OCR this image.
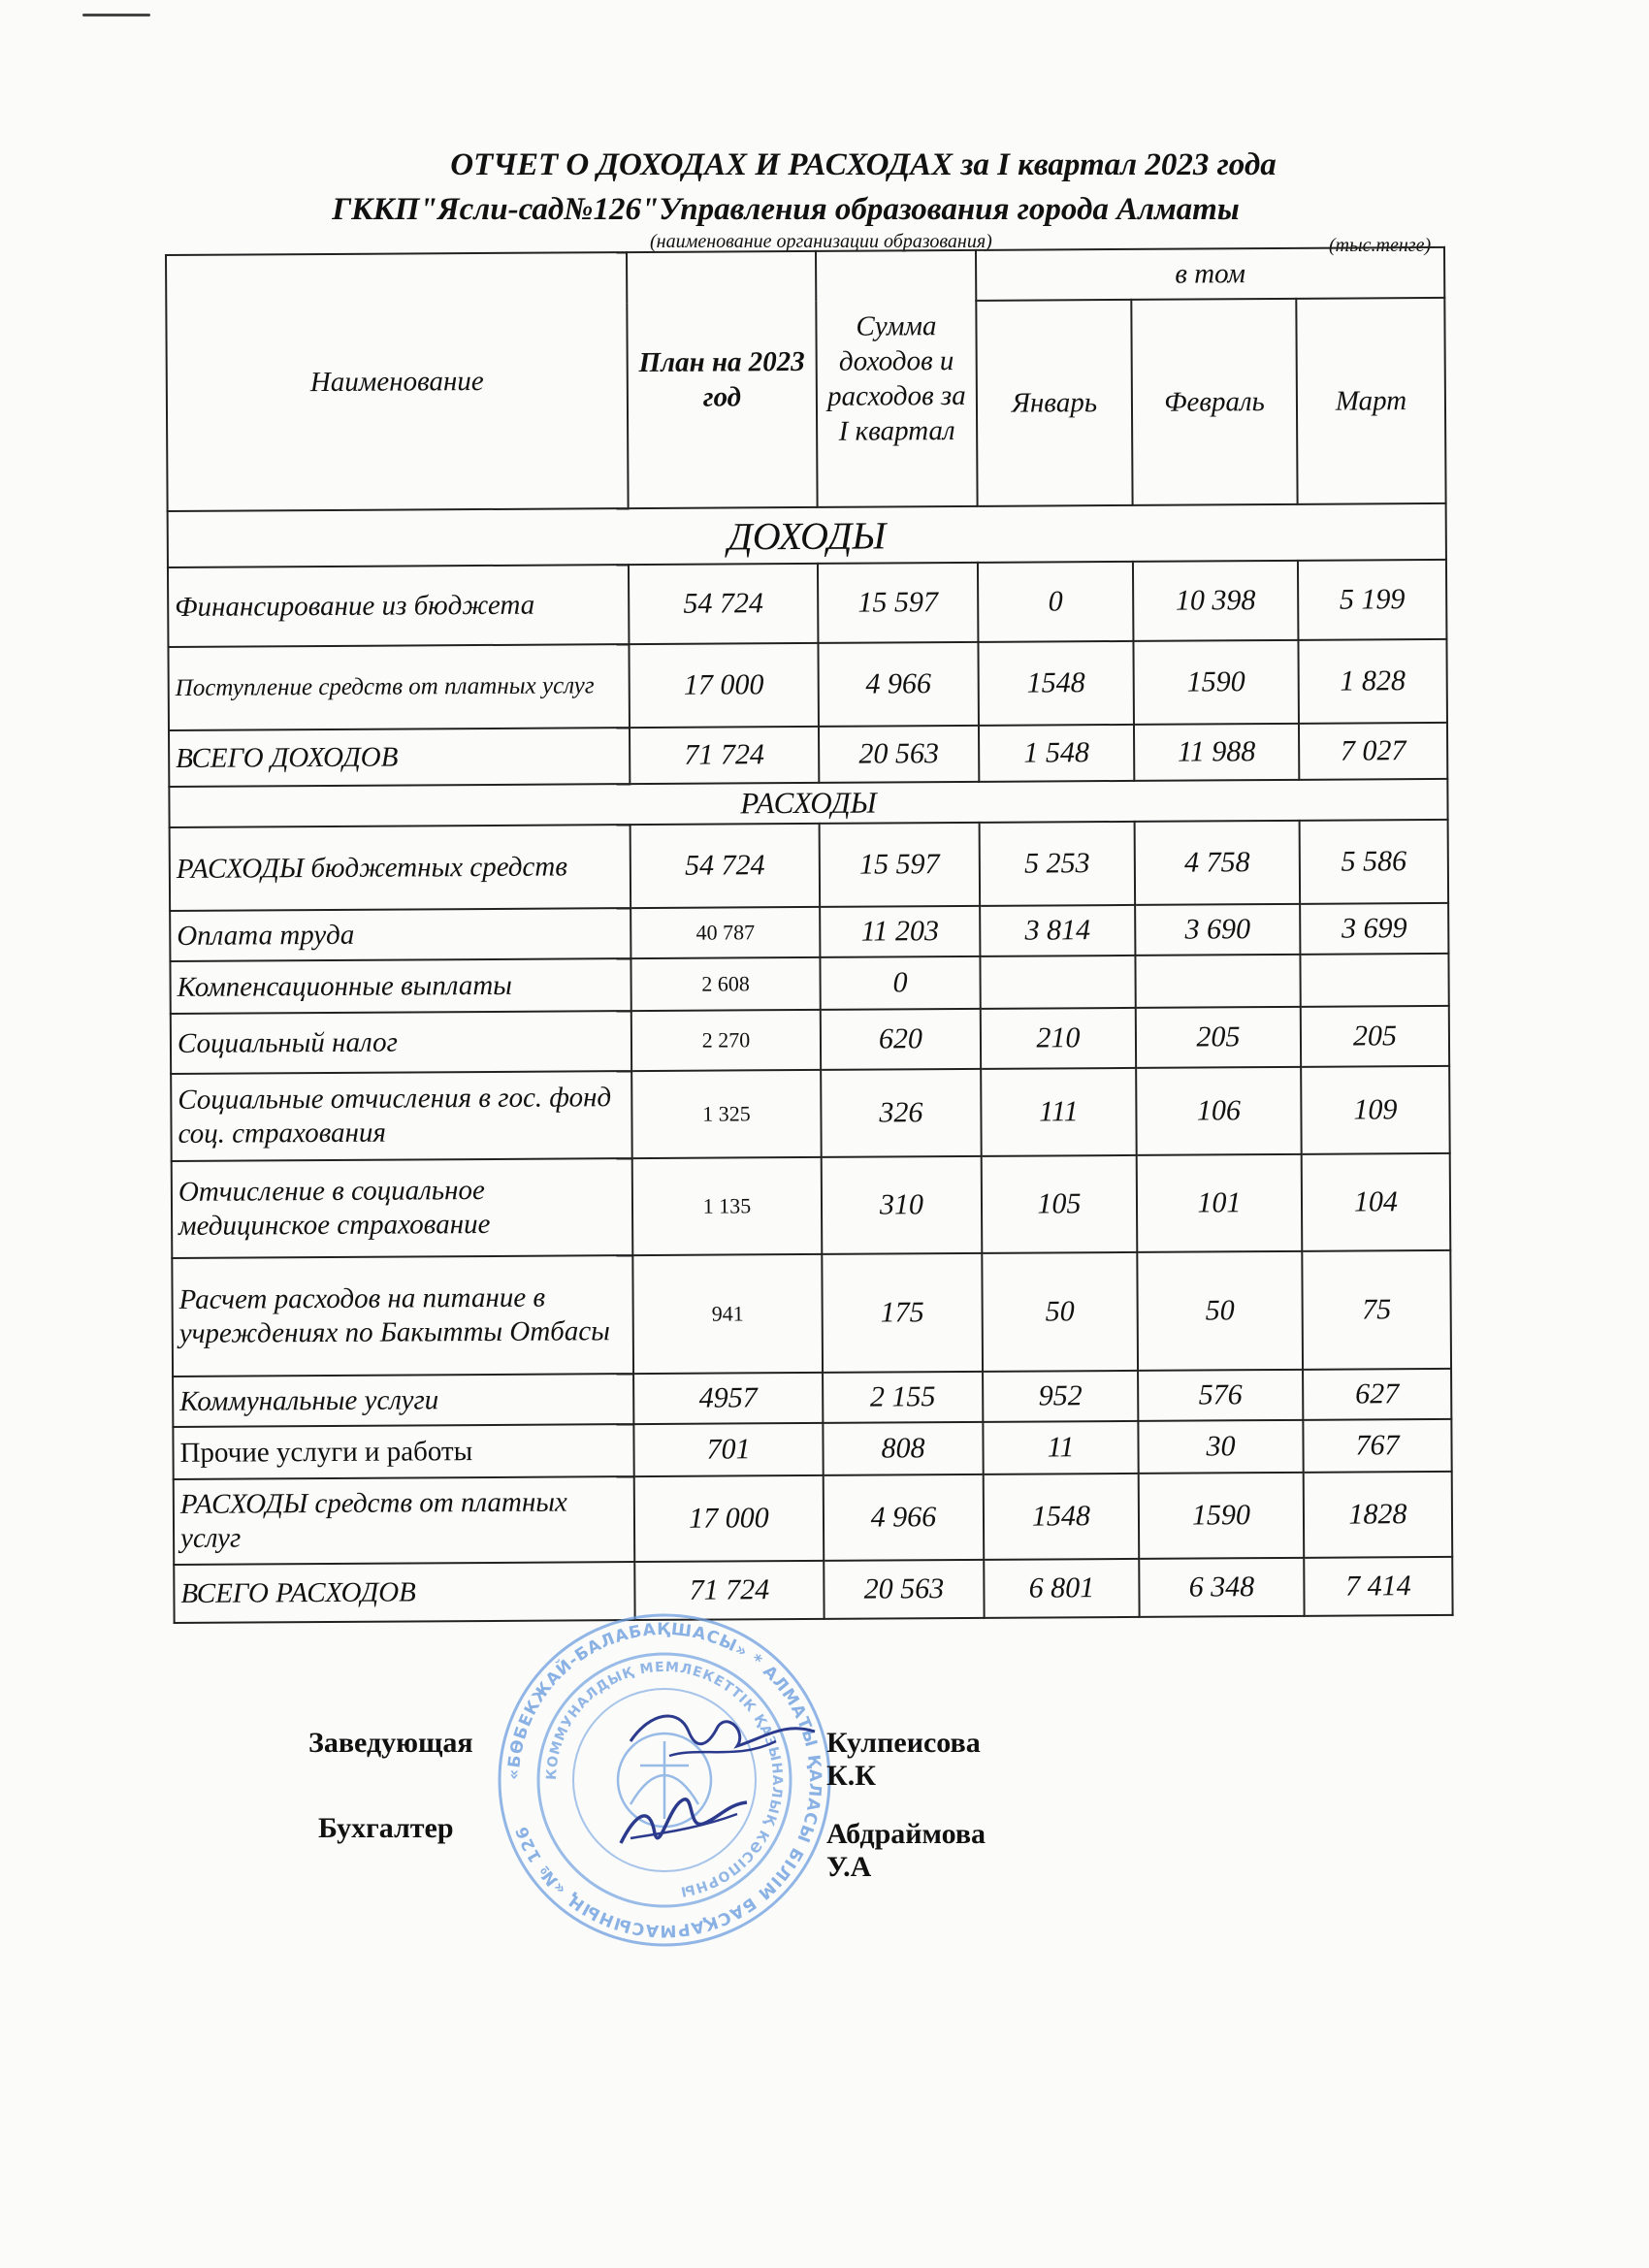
ОТЧЕТ О ДОХОДАХ И РАСХОДАХ за I квартал 2023 года
ГККП"Ясли-сад№126"Управления образования города Алматы
(наименование организации образования)	(тыс.тенге)
Наименование	План на 2023 год	Сумма доходов и расходов за I квартал	в том		
			Январь	Февраль	Март
ДОХОДЫ					
Финансирование из бюджета	54 724	15 597	0	10 398	5 199
Поступление средств от платных услуг	17 000	4 966	1548	1590	1 828
ВСЕГО ДОХОДОВ	71 724	20 563	1 548	11 988	7 027
РАСХОДЫ					
РАСХОДЫ бюджетных средств	54 724	15 597	5 253	4 758	5 586
Оплата труда	40 787	11 203	3 814	3 690	3 699
Компенсационные выплаты	2 608	0			
Социальный налог	2 270	620	210	205	205
Социальные отчисления в гос. фонд соц. страхования	1 325	326	111	106	109
Отчисление в социальное медицинское страхование	1 135	310	105	101	104
Расчет расходов на питание в учреждениях по Бакытты Отбасы	941	175	50	50	75
Коммунальные услуги	4957	2 155	952	576	627
Прочие услуги и работы	701	808	11	30	767
РАСХОДЫ средств от платных услуг	17 000	4 966	1548	1590	1828
ВСЕГО РАСХОДОВ	71 724	20 563	6 801	6 348	7 414
«БӨБЕКЖАЙ-БАЛАБАҚШАСЫ» * АЛМАТЫ ҚАЛАСЫ БІЛІМ БАСҚАРМАСЫНЫҢ «№ 126
КОММУНАЛДЫҚ МЕМЛЕКЕТТІК ҚАЗЫНАЛЫҚ КӘСІПОРНЫ
Заведующая	Кулпеисова К.К
Бухгалтер	Абдраймова У.А
